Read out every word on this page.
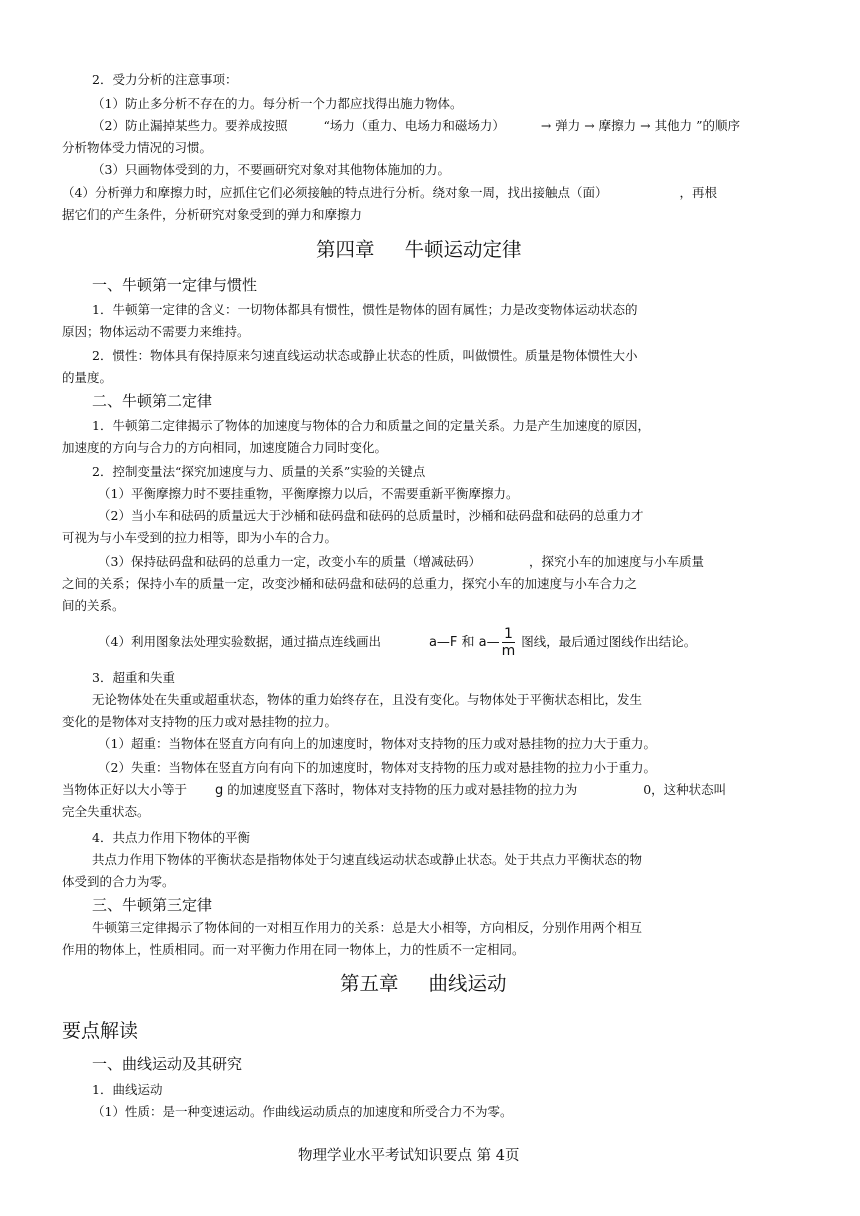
2．受力分析的注意事项：
（1）防止多分析不存在的力。每分析一个力都应找得出施力物体。
（2）防止漏掉某些力。要养成按照	“场力（重力、电场力和磁场力）	→ 弹力 → 摩擦力 → 其他力 ”的顺序
分析物体受力情况的习惯。
（3）只画物体受到的力，不要画研究对象对其他物体施加的力。
（4）分析弹力和摩擦力时，应抓住它们必须接触的特点进行分析。绕对象一周，找出接触点（面）	，再根
据它们的产生条件，分析研究对象受到的弹力和摩擦力
第四章 牛顿运动定律
一、牛顿第一定律与惯性
1．牛顿第一定律的含义：一切物体都具有惯性，惯性是物体的固有属性；力是改变物体运动状态的
原因；物体运动不需要力来维持。
2．惯性：物体具有保持原来匀速直线运动状态或静止状态的性质，叫做惯性。质量是物体惯性大小
的量度。
二、牛顿第二定律
1．牛顿第二定律揭示了物体的加速度与物体的合力和质量之间的定量关系。力是产生加速度的原因，
加速度的方向与合力的方向相同，加速度随合力同时变化。
2．控制变量法“探究加速度与力、质量的关系”实验的关键点
（1）平衡摩擦力时不要挂重物，平衡摩擦力以后，不需要重新平衡摩擦力。
（2）当小车和砝码的质量远大于沙桶和砝码盘和砝码的总质量时，沙桶和砝码盘和砝码的总重力才
可视为与小车受到的拉力相等，即为小车的合力。
（3）保持砝码盘和砝码的总重力一定，改变小车的质量（增减砝码）	，探究小车的加速度与小车质量
之间的关系；保持小车的质量一定，改变沙桶和砝码盘和砝码的总重力，探究小车的加速度与小车合力之
间的关系。
（4）利用图象法处理实验数据，通过描点连线画出	a—F 和 a— $\frac{1}{m}$ 图线，最后通过图线作出结论。
3．超重和失重
无论物体处在失重或超重状态，物体的重力始终存在，且没有变化。与物体处于平衡状态相比，发生
变化的是物体对支持物的压力或对悬挂物的拉力。
（1）超重：当物体在竖直方向有向上的加速度时，物体对支持物的压力或对悬挂物的拉力大于重力。
（2）失重：当物体在竖直方向有向下的加速度时，物体对支持物的压力或对悬挂物的拉力小于重力。
当物体正好以大小等于 g 的加速度竖直下落时，物体对支持物的压力或对悬挂物的拉力为	0，这种状态叫
完全失重状态。
4．共点力作用下物体的平衡
共点力作用下物体的平衡状态是指物体处于匀速直线运动状态或静止状态。处于共点力平衡状态的物
体受到的合力为零。
三、牛顿第三定律
牛顿第三定律揭示了物体间的一对相互作用力的关系：总是大小相等，方向相反，分别作用两个相互
作用的物体上，性质相同。而一对平衡力作用在同一物体上，力的性质不一定相同。
第五章 曲线运动
要点解读
一、曲线运动及其研究
1．曲线运动
（1）性质：是一种变速运动。作曲线运动质点的加速度和所受合力不为零。
物理学业水平考试知识要点 第 4页
